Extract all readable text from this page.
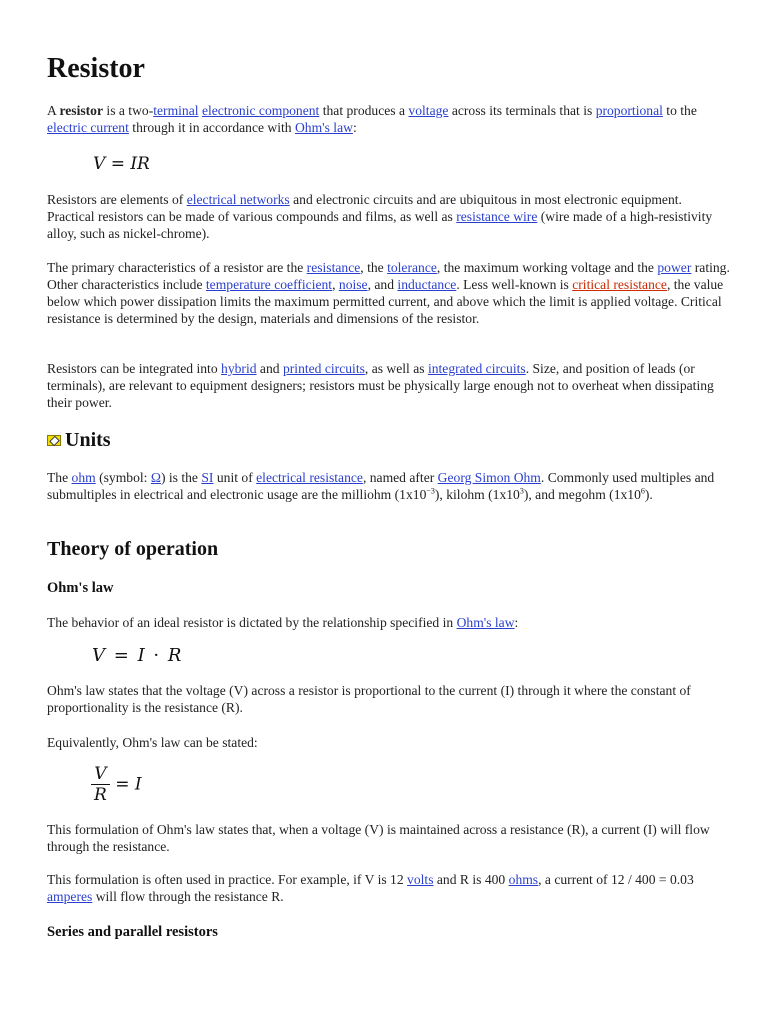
Resistor

A resistor is a two-terminal electronic component that produces a voltage across its terminals that is proportional to the electric current through it in accordance with Ohm's law:

V = IR

Resistors are elements of electrical networks and electronic circuits and are ubiquitous in most electronic equipment. Practical resistors can be made of various compounds and films, as well as resistance wire (wire made of a high-resistivity alloy, such as nickel-chrome).

The primary characteristics of a resistor are the resistance, the tolerance, the maximum working voltage and the power rating. Other characteristics include temperature coefficient, noise, and inductance. Less well-known is critical resistance, the value below which power dissipation limits the maximum permitted current, and above which the limit is applied voltage. Critical resistance is determined by the design, materials and dimensions of the resistor.

Resistors can be integrated into hybrid and printed circuits, as well as integrated circuits. Size, and position of leads (or terminals), are relevant to equipment designers; resistors must be physically large enough not to overheat when dissipating their power.

Units

The ohm (symbol: Ω) is the SI unit of electrical resistance, named after Georg Simon Ohm. Commonly used multiples and submultiples in electrical and electronic usage are the milliohm $(1x10^{-3})$, kilohm $(1x10^3)$, and megohm $(1x10^6)$.

Theory of operation
Ohm's law

The behavior of an ideal resistor is dictated by the relationship specified in Ohm's law:

V = I · R

Ohm's law states that the voltage (V) across a resistor is proportional to the current (I) through it where the constant of proportionality is the resistance (R).

Equivalently, Ohm's law can be stated:

$\frac{V}{R} = I$

This formulation of Ohm's law states that, when a voltage (V) is maintained across a resistance (R), a current (I) will flow through the resistance.

This formulation is often used in practice. For example, if V is 12 volts and R is 400 ohms, a current of 12 / 400 = 0.03 amperes will flow through the resistance R.

Series and parallel resistors
